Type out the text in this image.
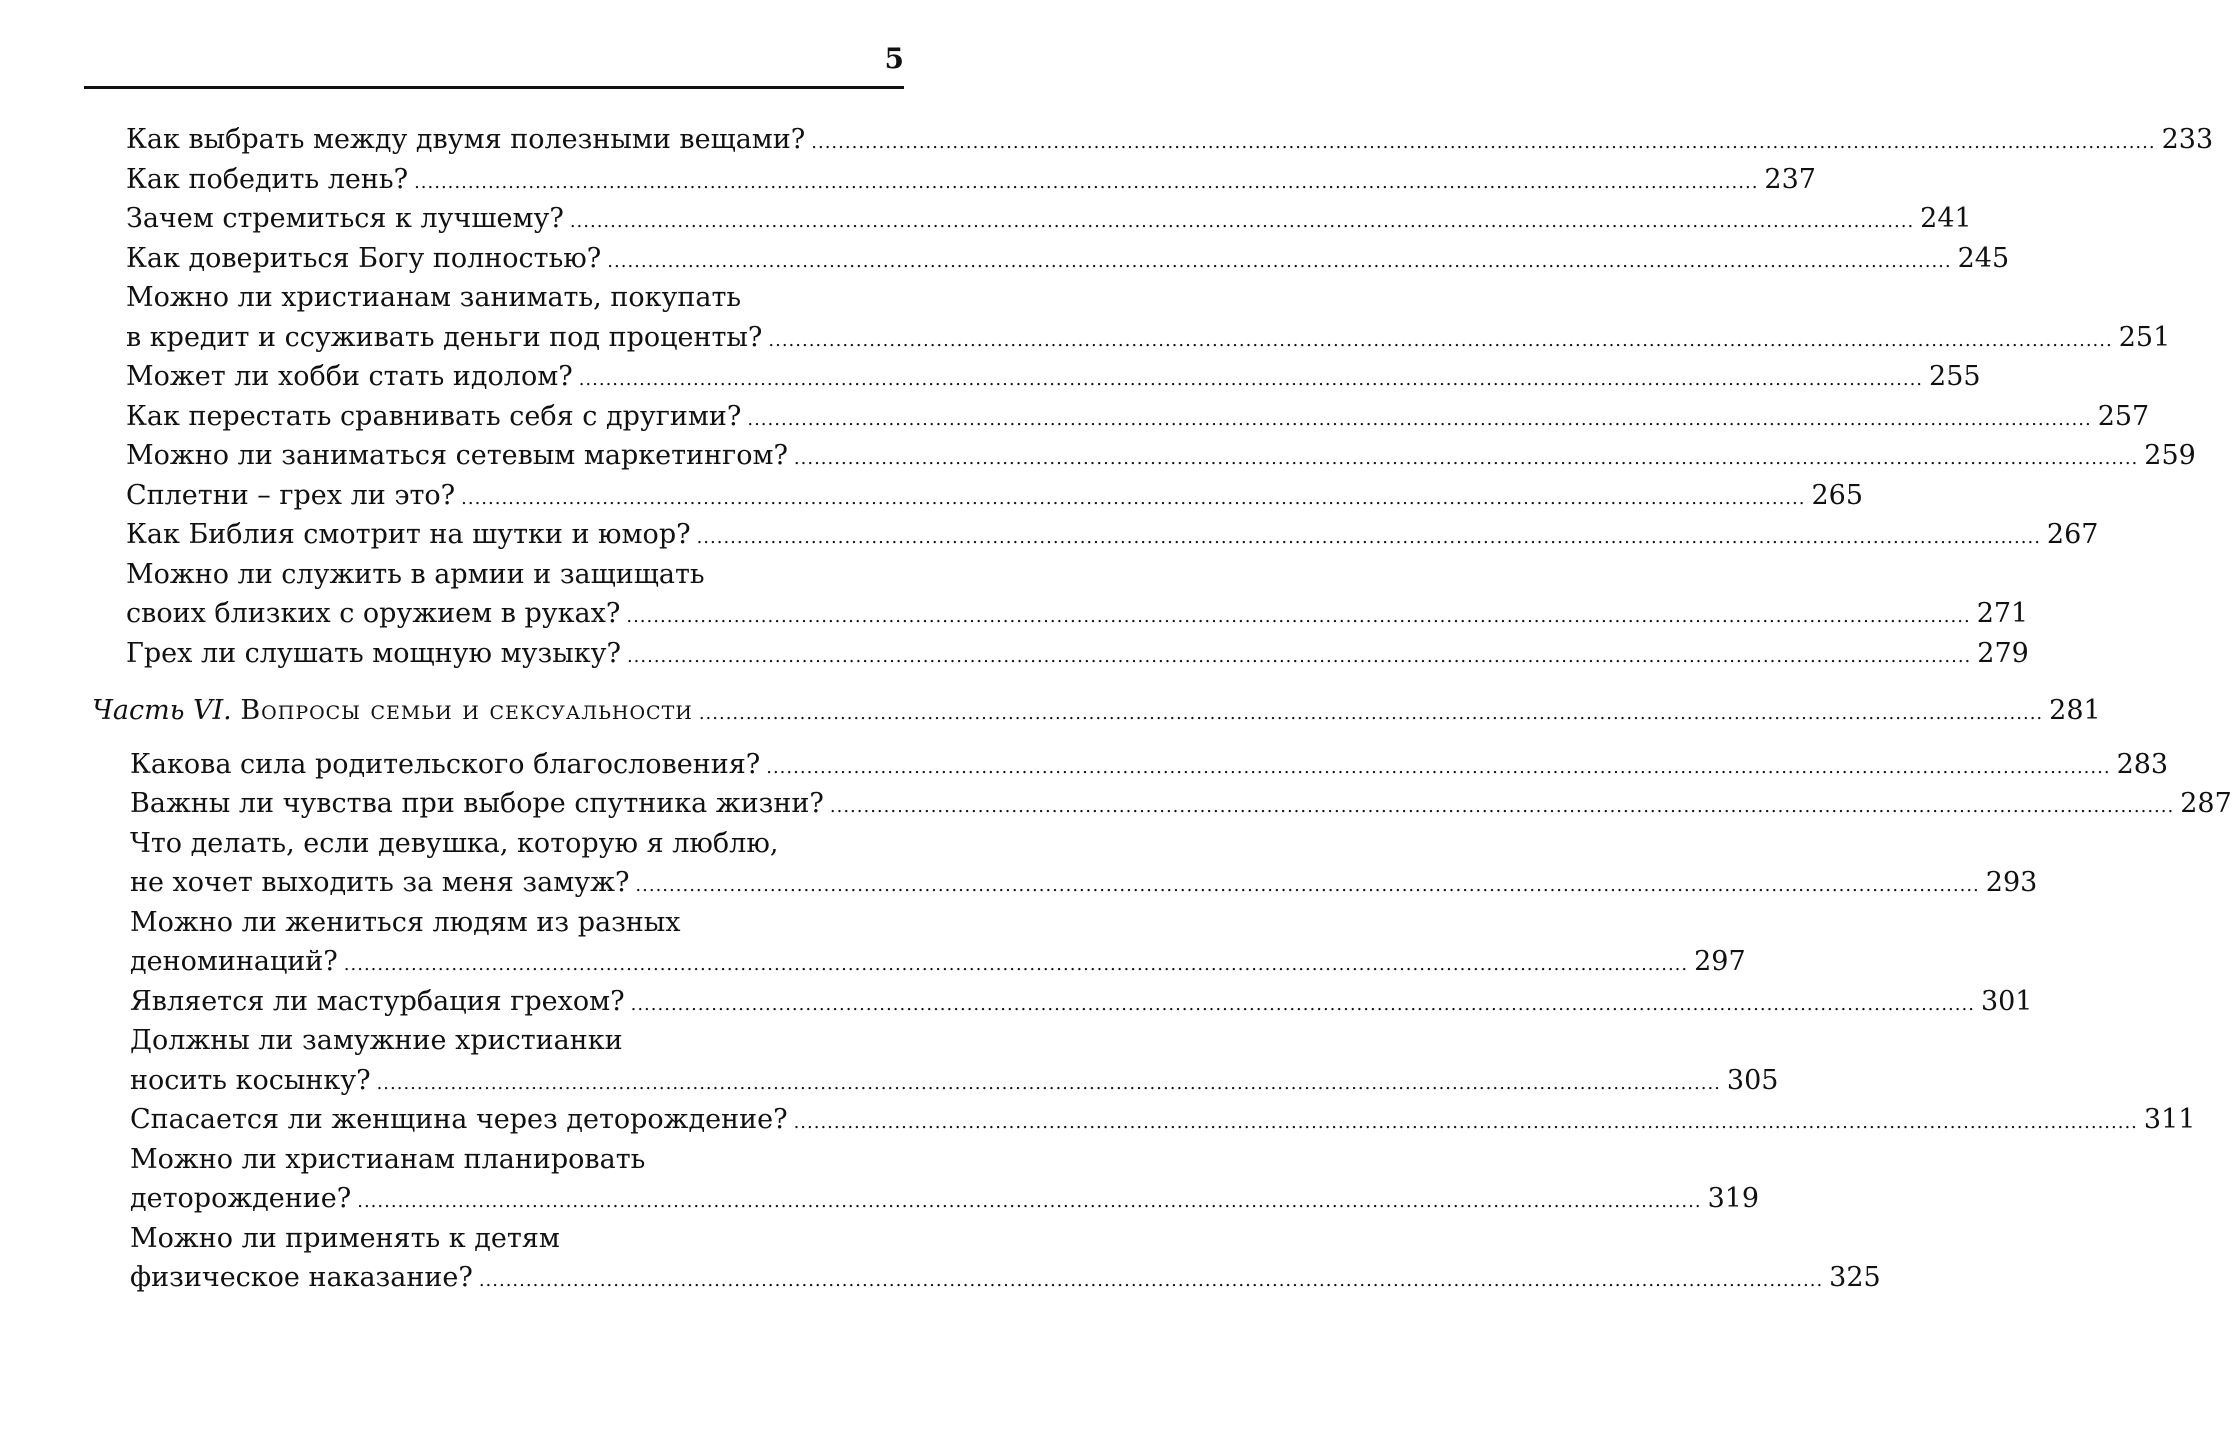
5
Как выбрать между двумя полезными вещами? ........................................................................................................................................................................................................ 233
Как победить лень? ........................................................................................................................................................................................................ 237
Зачем стремиться к лучшему? ........................................................................................................................................................................................................ 241
Как довериться Богу полностью? ........................................................................................................................................................................................................ 245
Можно ли христианам занимать, покупать
в кредит и ссуживать деньги под проценты? ........................................................................................................................................................................................................ 251
Может ли хобби стать идолом? ........................................................................................................................................................................................................ 255
Как перестать сравнивать себя с другими? ........................................................................................................................................................................................................ 257
Можно ли заниматься сетевым маркетингом? ........................................................................................................................................................................................................ 259
Сплетни – грех ли это? ........................................................................................................................................................................................................ 265
Как Библия смотрит на шутки и юмор? ........................................................................................................................................................................................................ 267
Можно ли служить в армии и защищать
своих близких с оружием в руках? ........................................................................................................................................................................................................ 271
Грех ли слушать мощную музыку? ........................................................................................................................................................................................................ 279
Часть VI. Вопросы семьи и сексуальности ........................................................................................................................................................................................................ 281
Какова сила родительского благословения? ........................................................................................................................................................................................................ 283
Важны ли чувства при выборе спутника жизни? ........................................................................................................................................................................................................ 287
Что делать, если девушка, которую я люблю,
не хочет выходить за меня замуж? ........................................................................................................................................................................................................ 293
Можно ли жениться людям из разных
деноминаций? ........................................................................................................................................................................................................ 297
Является ли мастурбация грехом? ........................................................................................................................................................................................................ 301
Должны ли замужние христианки
носить косынку? ........................................................................................................................................................................................................ 305
Спасается ли женщина через деторождение? ........................................................................................................................................................................................................ 311
Можно ли христианам планировать
деторождение? ........................................................................................................................................................................................................ 319
Можно ли применять к детям
физическое наказание? ........................................................................................................................................................................................................ 325
